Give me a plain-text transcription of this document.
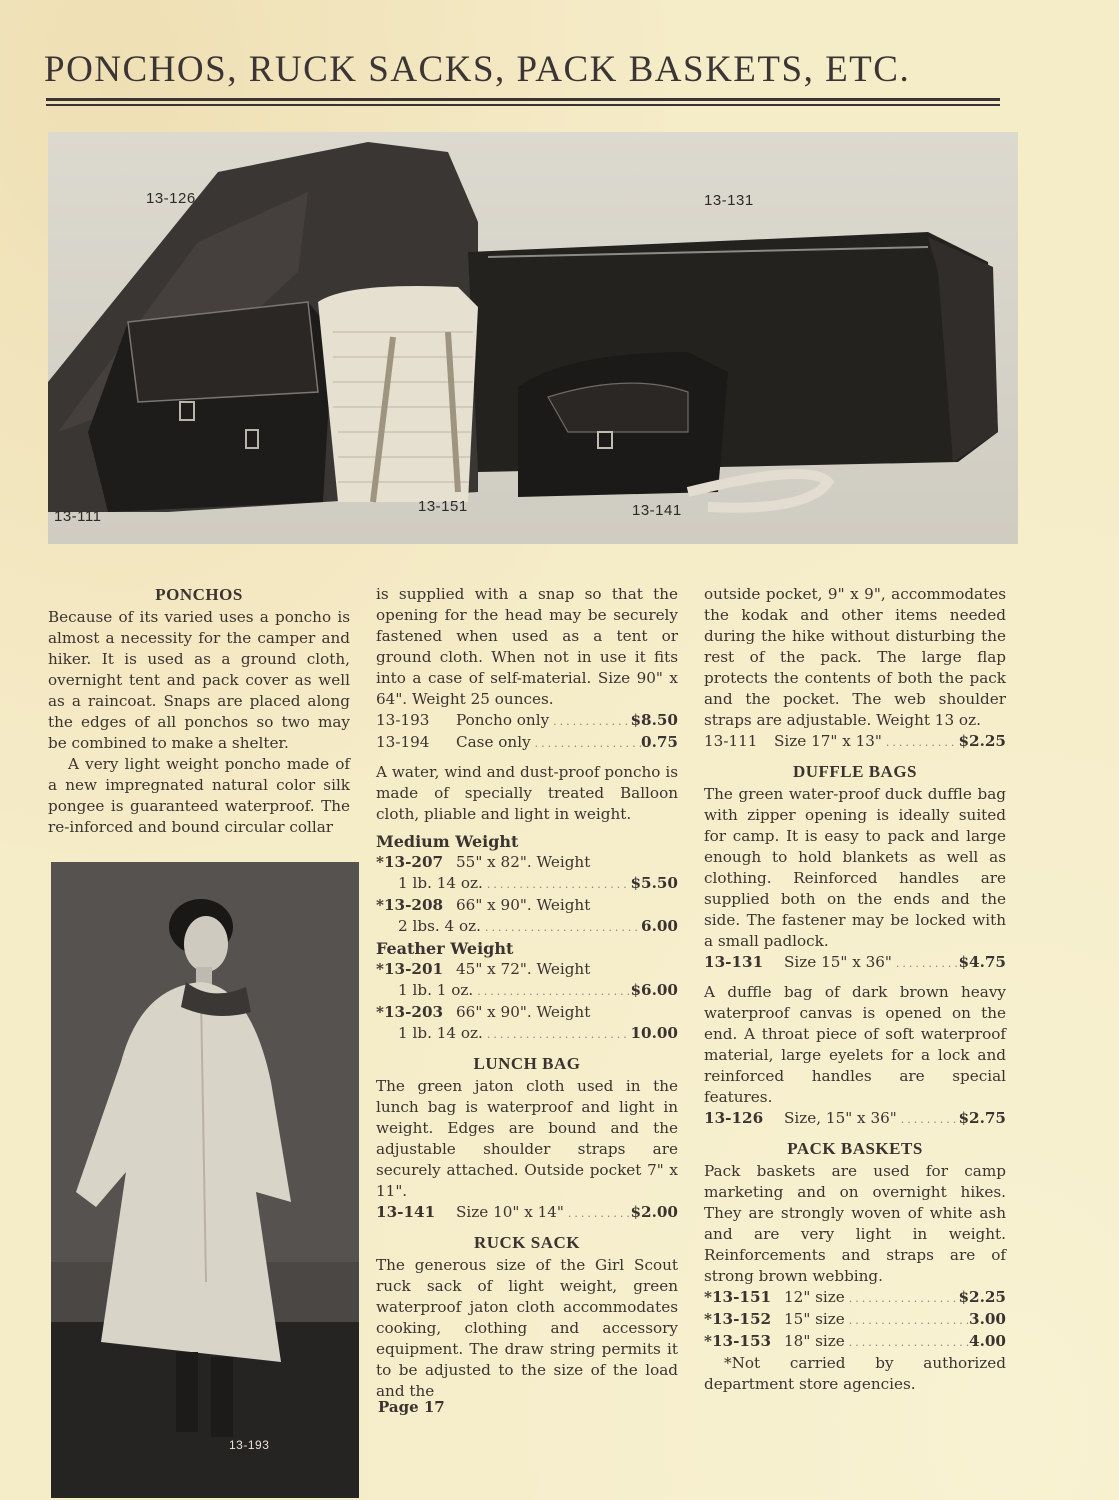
PONCHOS, RUCK SACKS, PACK BASKETS, ETC.
13-126	13-131
13-111
13-151	13-141
PONCHOS

Because of its varied uses a poncho is almost a necessity for the camper and hiker. It is used as a ground cloth, overnight tent and pack cover as well as a raincoat. Snaps are placed along the edges of all ponchos so two may be combined to make a shelter.

A very light weight poncho made of a new impregnated natural color silk pongee is guaranteed waterproof. The re-inforced and bound circular collar

13-193

is supplied with a snap so that the opening for the head may be securely fastened when used as a tent or ground cloth. When not in use it fits into a case of self-material. Size 90" x 64". Weight 25 ounces.

13-193	Poncho only .....	$8.50
13-194	Case only .....	0.75

A water, wind and dust-proof poncho is made of specially treated Balloon cloth, pliable and light in weight.

Medium Weight
*13-207 55" x 82". Weight
1 lb. 14 oz. .....	$5.50
*13-208 66" x 90". Weight
2 lbs. 4 oz. .....	6.00
Feather Weight
*13-201 45" x 72". Weight
1 lb. 1 oz. .....	$6.00
*13-203 66" x 90". Weight
1 lb. 14 oz. .....	10.00
LUNCH BAG

The green jaton cloth used in the lunch bag is waterproof and light in weight. Edges are bound and the adjustable shoulder straps are securely attached. Outside pocket 7" x 11".

13-141	Size 10" x 14" .....	$2.00
RUCK SACK

The generous size of the Girl Scout ruck sack of light weight, green waterproof jaton cloth accommodates cooking, clothing and accessory equipment. The draw string permits it to be adjusted to the size of the load and the

Page 17

outside pocket, 9" x 9", accommodates the kodak and other items needed during the hike without disturbing the rest of the pack. The large flap protects the contents of both the pack and the pocket. The web shoulder straps are adjustable. Weight 13 oz.

13-111	Size 17" x 13" .....	$2.25
DUFFLE BAGS

The green water-proof duck duffle bag with zipper opening is ideally suited for camp. It is easy to pack and large enough to hold blankets as well as clothing. Reinforced handles are supplied both on the ends and the side. The fastener may be locked with a small padlock.

13-131	Size 15" x 36" .....	$4.75

A duffle bag of dark brown heavy waterproof canvas is opened on the end. A throat piece of soft waterproof material, large eyelets for a lock and reinforced handles are special features.

13-126	Size, 15" x 36" .....	$2.75
PACK BASKETS

Pack baskets are used for camp marketing and on overnight hikes. They are strongly woven of white ash and are very light in weight. Reinforcements and straps are of strong brown webbing.

*13-151 12" size .....	$2.25
*13-152 15" size .....	3.00
*13-153 18" size .....	4.00

*Not carried by authorized department store agencies.
